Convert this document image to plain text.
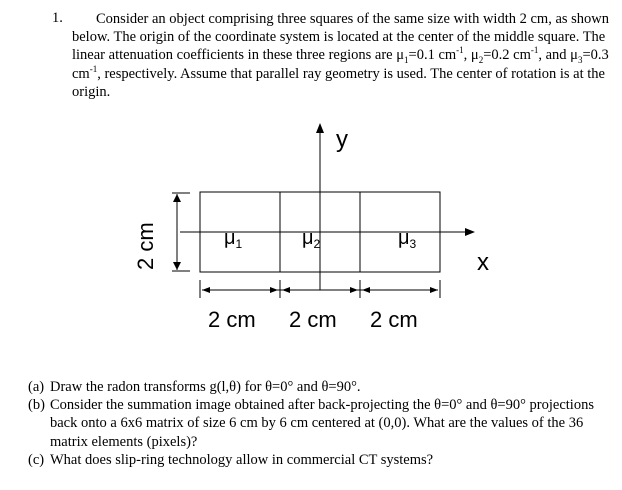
1.	Consider an object comprising three squares of the same size with width 2 cm, as shown below. The origin of the coordinate system is located at the center of the middle square. The linear attenuation coefficients in these three regions are $\mu_1=0.1$ $cm^{-1}$, $\mu_2=0.2$ $cm^{-1}$, and $\mu_3=0.3$ $cm^{-1}$, respectively. Assume that parallel ray geometry is used. The center of rotation is at the origin.

y
x
$\mu_1$	$\mu_2$	$\mu_3$
2 cm
2 cm 2 cm 2 cm
(a) Draw the radon transforms g(l,θ) for θ=0° and θ=90°.
(b) Consider the summation image obtained after back-projecting the θ=0° and θ=90° projections back onto a 6x6 matrix of size 6 cm by 6 cm centered at (0,0). What are the values of the 36 matrix elements (pixels)?
(c) What does slip-ring technology allow in commercial CT systems?
